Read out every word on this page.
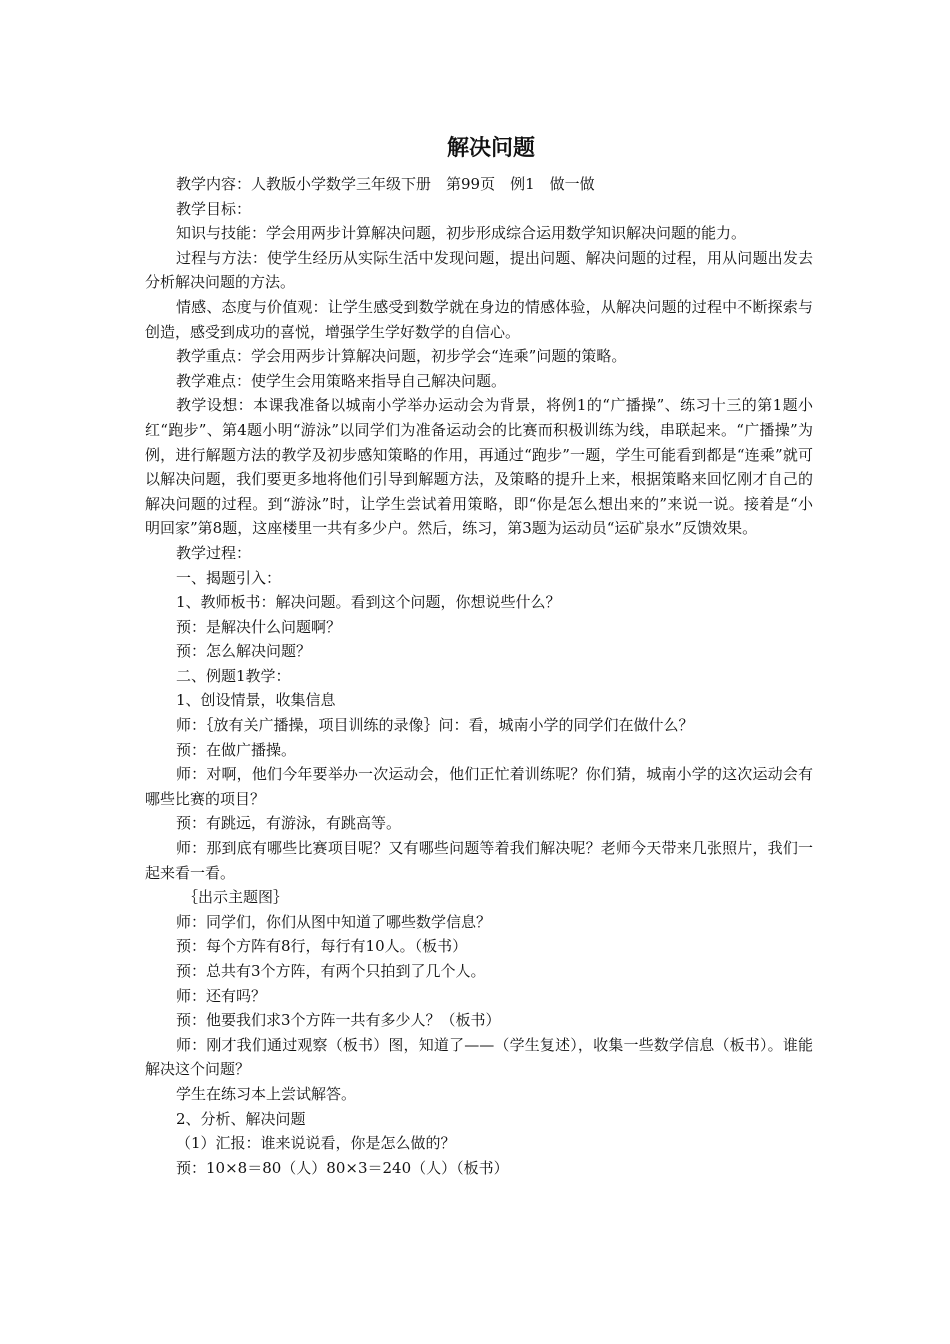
解决问题

教学内容：人教版小学数学三年级下册　第99页　例1　做一做

教学目标：

知识与技能：学会用两步计算解决问题，初步形成综合运用数学知识解决问题的能力。

过程与方法：使学生经历从实际生活中发现问题，提出问题、解决问题的过程，用从问题出发去分析解决问题的方法。

情感、态度与价值观：让学生感受到数学就在身边的情感体验，从解决问题的过程中不断探索与创造，感受到成功的喜悦，增强学生学好数学的自信心。

教学重点：学会用两步计算解决问题，初步学会“连乘”问题的策略。

教学难点：使学生会用策略来指导自己解决问题。

教学设想：本课我准备以城南小学举办运动会为背景，将例1的“广播操”、练习十三的第1题小红“跑步”、第4题小明“游泳”以同学们为准备运动会的比赛而积极训练为线，串联起来。“广播操”为例，进行解题方法的教学及初步感知策略的作用，再通过“跑步”一题，学生可能看到都是“连乘”就可以解决问题，我们要更多地将他们引导到解题方法，及策略的提升上来，根据策略来回忆刚才自己的解决问题的过程。到“游泳”时，让学生尝试着用策略，即“你是怎么想出来的”来说一说。接着是“小明回家”第8题，这座楼里一共有多少户。然后，练习，第3题为运动员“运矿泉水”反馈效果。

教学过程：

一、揭题引入：

1、教师板书：解决问题。看到这个问题，你想说些什么？

预：是解决什么问题啊？

预：怎么解决问题？

二、例题1教学：

1、创设情景，收集信息

师：｛放有关广播操，项目训练的录像｝问：看，城南小学的同学们在做什么？

预：在做广播操。

师：对啊，他们今年要举办一次运动会，他们正忙着训练呢？你们猜，城南小学的这次运动会有哪些比赛的项目？

预：有跳远，有游泳，有跳高等。

师：那到底有哪些比赛项目呢？又有哪些问题等着我们解决呢？老师今天带来几张照片，我们一起来看一看。

｛出示主题图｝

师：同学们，你们从图中知道了哪些数学信息？

预：每个方阵有8行，每行有10人。（板书）

预：总共有3个方阵，有两个只拍到了几个人。

师：还有吗？

预：他要我们求3个方阵一共有多少人？（板书）

师：刚才我们通过观察（板书）图，知道了——（学生复述），收集一些数学信息（板书）。谁能解决这个问题？

学生在练习本上尝试解答。

2、分析、解决问题

（1）汇报：谁来说说看，你是怎么做的？

预：10×8＝80（人）80×3＝240（人）（板书）
